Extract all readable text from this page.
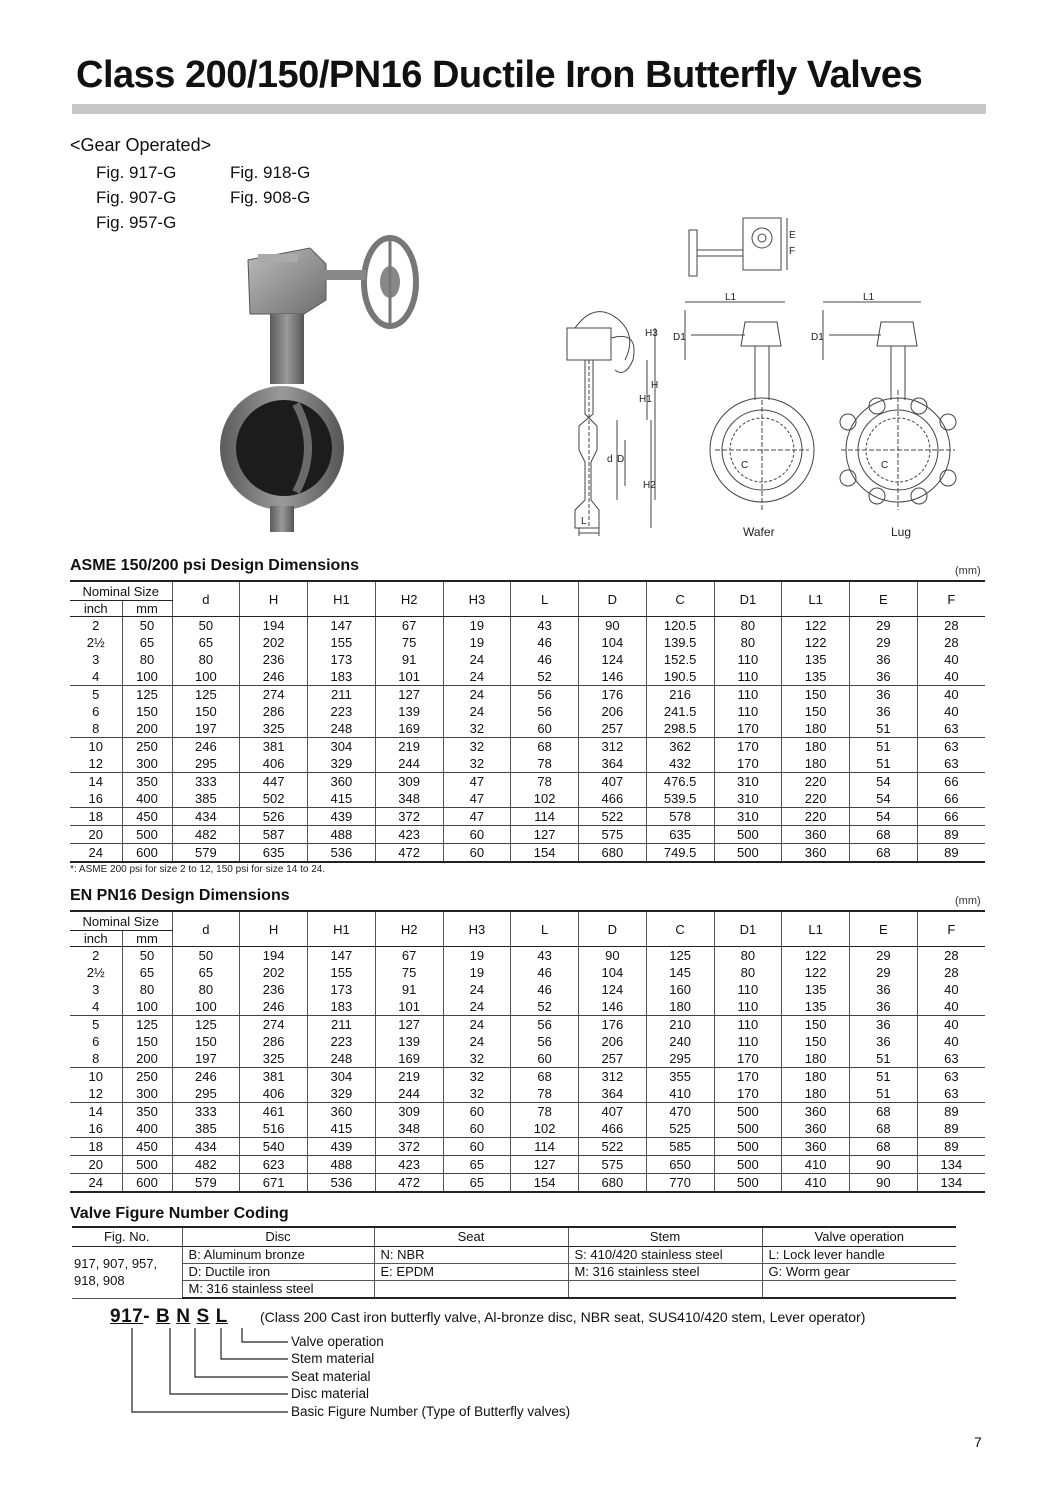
Class 200/150/PN16 Ductile Iron Butterfly Valves
<Gear Operated>
Fig. 917-G	Fig. 918-G
Fig. 907-G	Fig. 908-G
Fig. 957-G
L1	L1
D1	D1
H3
H
H1
H2
d D
E
F
L
C	C
Wafer	Lug
ASME 150/200 psi Design Dimensions	(mm)
Nominal Size		d	H	H1	H2	H3	L	D	C	D1	L1	E	F
inch	mm												
2	50	50	194	147	67	19	43	90	120.5	80	122	29	28
2½	65	65	202	155	75	19	46	104	139.5	80	122	29	28
3	80	80	236	173	91	24	46	124	152.5	110	135	36	40
4	100	100	246	183	101	24	52	146	190.5	110	135	36	40
5	125	125	274	211	127	24	56	176	216	110	150	36	40
6	150	150	286	223	139	24	56	206	241.5	110	150	36	40
8	200	197	325	248	169	32	60	257	298.5	170	180	51	63
10	250	246	381	304	219	32	68	312	362	170	180	51	63
12	300	295	406	329	244	32	78	364	432	170	180	51	63
14	350	333	447	360	309	47	78	407	476.5	310	220	54	66
16	400	385	502	415	348	47	102	466	539.5	310	220	54	66
18	450	434	526	439	372	47	114	522	578	310	220	54	66
20	500	482	587	488	423	60	127	575	635	500	360	68	89
24	600	579	635	536	472	60	154	680	749.5	500	360	68	89
*: ASME 200 psi for size 2 to 12, 150 psi for size 14 to 24.
EN PN16 Design Dimensions	(mm)
Nominal Size		d	H	H1	H2	H3	L	D	C	D1	L1	E	F
inch	mm												
2	50	50	194	147	67	19	43	90	125	80	122	29	28
2½	65	65	202	155	75	19	46	104	145	80	122	29	28
3	80	80	236	173	91	24	46	124	160	110	135	36	40
4	100	100	246	183	101	24	52	146	180	110	135	36	40
5	125	125	274	211	127	24	56	176	210	110	150	36	40
6	150	150	286	223	139	24	56	206	240	110	150	36	40
8	200	197	325	248	169	32	60	257	295	170	180	51	63
10	250	246	381	304	219	32	68	312	355	170	180	51	63
12	300	295	406	329	244	32	78	364	410	170	180	51	63
14	350	333	461	360	309	60	78	407	470	500	360	68	89
16	400	385	516	415	348	60	102	466	525	500	360	68	89
18	450	434	540	439	372	60	114	522	585	500	360	68	89
20	500	482	623	488	423	65	127	575	650	500	410	90	134
24	600	579	671	536	472	65	154	680	770	500	410	90	134
Valve Figure Number Coding
Fig. No.	Disc	Seat	Stem	Valve operation

917, 907, 957,
918, 908	B: Aluminum bronze	N: NBR	S: 410/420 stainless steel	L: Lock lever handle
	D: Ductile iron	E: EPDM	M: 316 stainless steel	G: Worm gear
	M: 316 stainless steel			
917- B N S L	(Class 200 Cast iron butterfly valve, Al-bronze disc, NBR seat, SUS410/420 stem, Lever operator)
Valve operation
Stem material
Seat material
Disc material
Basic Figure Number (Type of Butterfly valves)
7
